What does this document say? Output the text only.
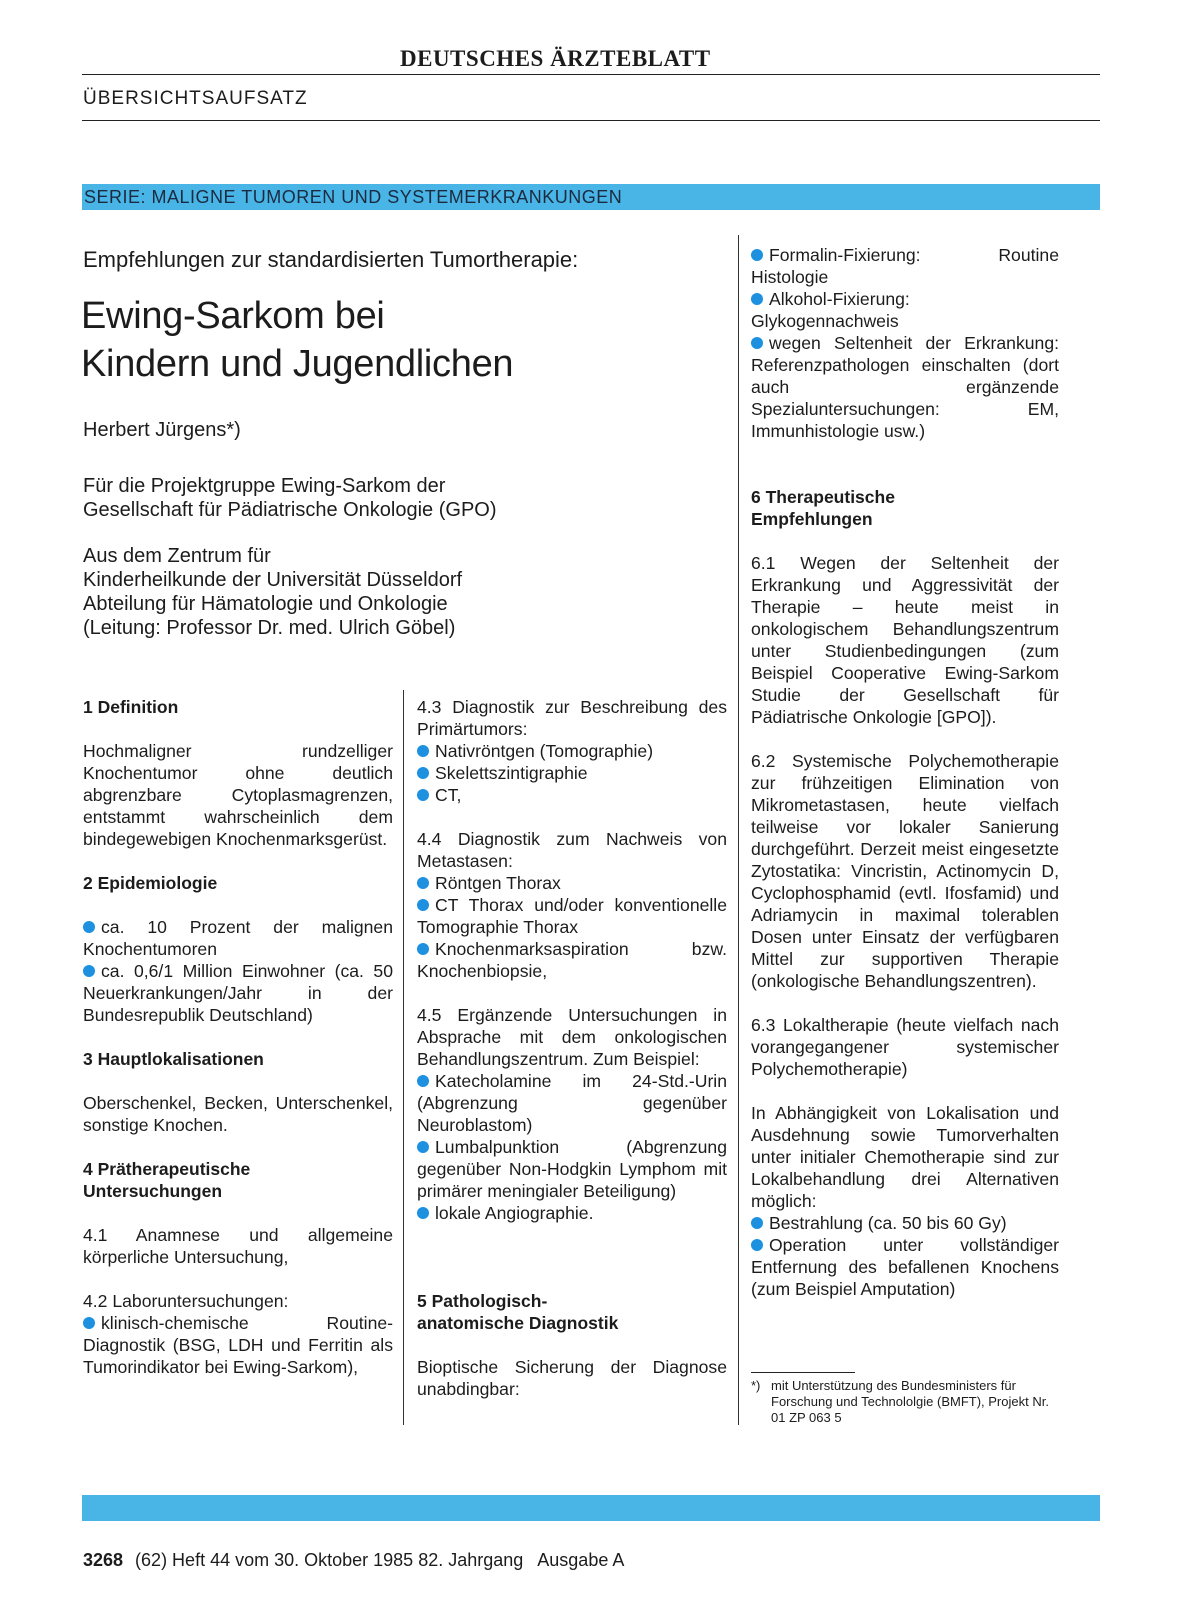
DEUTSCHES ÄRZTEBLATT
ÜBERSICHTSAUFSATZ
SERIE: MALIGNE TUMOREN UND SYSTEMERKRANKUNGEN
Empfehlungen zur standardisierten Tumortherapie:
Ewing-Sarkom bei
Kindern und Jugendlichen
Herbert Jürgens*)

Für die Projektgruppe Ewing-Sarkom der

Gesellschaft für Pädiatrische Onkologie (GPO)

Aus dem Zentrum für

Kinderheilkunde der Universität Düsseldorf

Abteilung für Hämatologie und Onkologie

(Leitung: Professor Dr. med. Ulrich Göbel)

1 Definition

Hochmaligner rundzelliger Knochentumor ohne deutlich abgrenzbare Cytoplasmagrenzen, entstammt wahrscheinlich dem bindegewebigen Knochenmarksgerüst.

2 Epidemiologie

ca. 10 Prozent der malignen Knochentumoren
ca. 0,6/1 Million Einwohner (ca. 50 Neuerkrankungen/Jahr in der Bundesrepublik Deutschland)

3 Hauptlokalisationen

Oberschenkel, Becken, Unterschenkel, sonstige Knochen.

4 Prätherapeutische
Untersuchungen

4.1 Anamnese und allgemeine körperliche Untersuchung,

4.2 Laboruntersuchungen:
klinisch-chemische Routine-Diagnostik (BSG, LDH und Ferritin als Tumorindikator bei Ewing-Sarkom),

4.3 Diagnostik zur Beschreibung des Primärtumors:
Nativröntgen (Tomographie)
Skelettszintigraphie
CT,

4.4 Diagnostik zum Nachweis von Metastasen:
Röntgen Thorax
CT Thorax und/oder konventionelle Tomographie Thorax
Knochenmarksaspiration bzw. Knochenbiopsie,

4.5 Ergänzende Untersuchungen in Absprache mit dem onkologischen Behandlungszentrum. Zum Beispiel:
Katecholamine im 24-Std.-Urin (Abgrenzung gegenüber Neuroblastom)
Lumbalpunktion (Abgrenzung gegenüber Non-Hodgkin Lymphom mit primärer meningialer Beteiligung)
lokale Angiographie.

5 Pathologisch-
anatomische Diagnostik

Bioptische Sicherung der Diagnose unabdingbar:

Formalin-Fixierung: Routine Histologie
Alkohol-Fixierung: Glykogennachweis
wegen Seltenheit der Erkrankung: Referenzpathologen einschalten (dort auch ergänzende Spezialuntersuchungen: EM, Immunhistologie usw.)

6 Therapeutische
Empfehlungen

6.1 Wegen der Seltenheit der Erkrankung und Aggressivität der Therapie – heute meist in onkologischem Behandlungszentrum unter Studienbedingungen (zum Beispiel Cooperative Ewing-Sarkom Studie der Gesellschaft für Pädiatrische Onkologie [GPO]).

6.2 Systemische Polychemotherapie zur frühzeitigen Elimination von Mikrometastasen, heute vielfach teilweise vor lokaler Sanierung durchgeführt. Derzeit meist eingesetzte Zytostatika: Vincristin, Actinomycin D, Cyclophosphamid (evtl. Ifosfamid) und Adriamycin in maximal tolerablen Dosen unter Einsatz der verfügbaren Mittel zur supportiven Therapie (onkologische Behandlungszentren).

6.3 Lokaltherapie (heute vielfach nach vorangegangener systemischer Polychemotherapie)

In Abhängigkeit von Lokalisation und Ausdehnung sowie Tumorverhalten unter initialer Chemotherapie sind zur Lokalbehandlung drei Alternativen möglich:
Bestrahlung (ca. 50 bis 60 Gy)
Operation unter vollständiger Entfernung des befallenen Knochens (zum Beispiel Amputation)

*) mit Unterstützung des Bundesministers für Forschung und Technololgie (BMFT), Projekt Nr. 01 ZP 063 5
3268 (62) Heft 44 vom 30. Oktober 1985 82. Jahrgang Ausgabe A
